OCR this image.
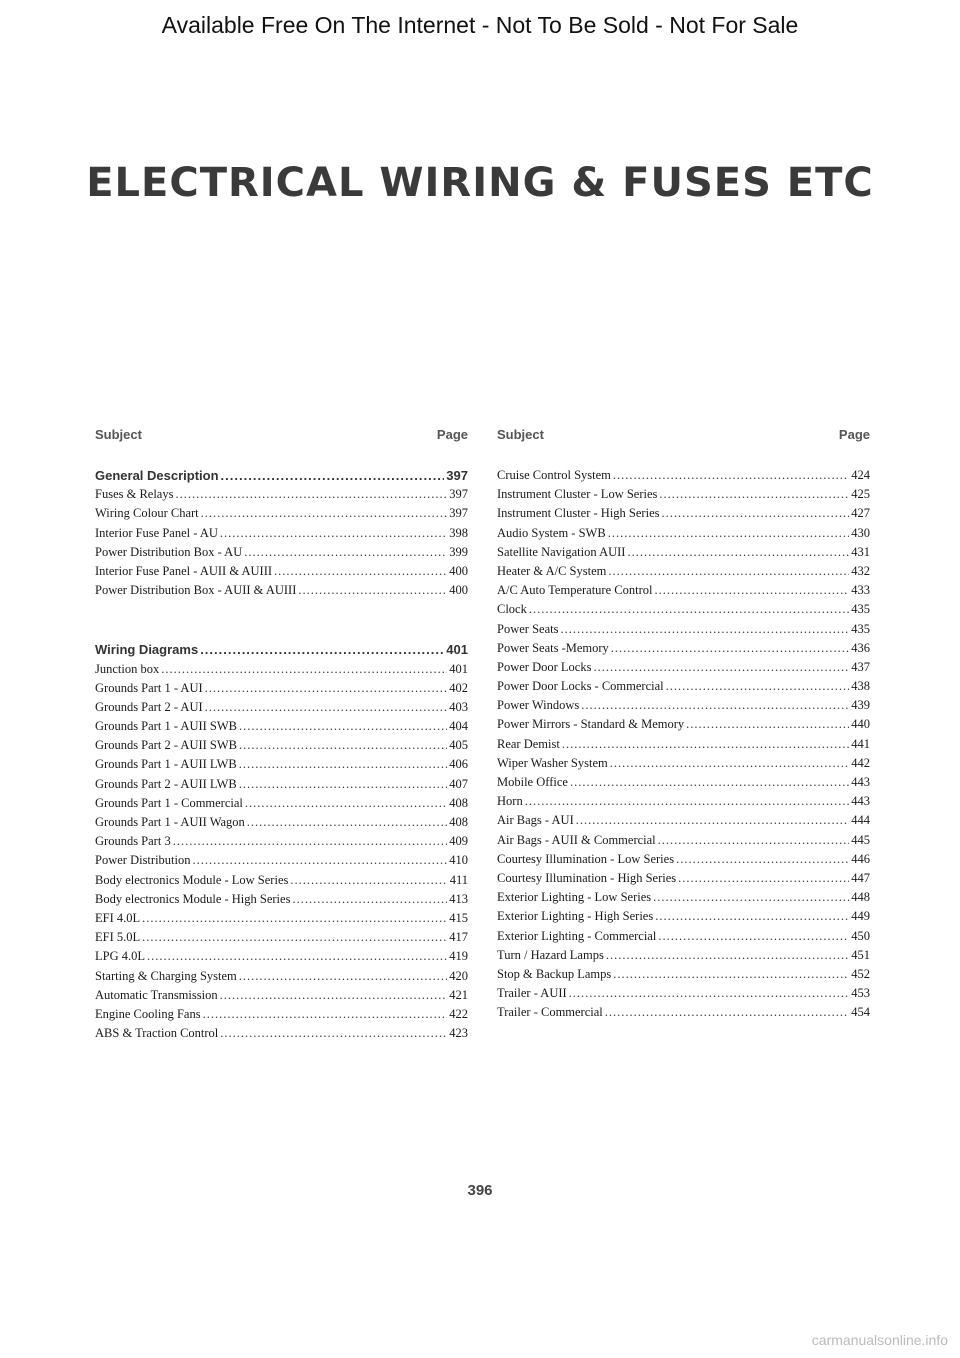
Available Free On The Internet - Not To Be Sold - Not For Sale
ELECTRICAL WIRING & FUSES ETC
Subject	Page
General Description .....	397
Fuses & Relays .....	397
Wiring Colour Chart .....	397
Interior Fuse Panel - AU .....	398
Power Distribution Box - AU .....	399
Interior Fuse Panel - AUII & AUIII .....	400
Power Distribution Box - AUII & AUIII .....	400
Wiring Diagrams .....	401
Junction box .....	401
Grounds Part 1 - AUI .....	402
Grounds Part 2 - AUI .....	403
Grounds Part 1 - AUII SWB .....	404
Grounds Part 2 - AUII SWB .....	405
Grounds Part 1 - AUII LWB .....	406
Grounds Part 2 - AUII LWB .....	407
Grounds Part 1 - Commercial .....	408
Grounds Part 1 - AUII Wagon .....	408
Grounds Part 3 .....	409
Power Distribution .....	410
Body electronics Module - Low Series .....	411
Body electronics Module - High Series .....	413
EFI 4.0L .....	415
EFI 5.0L .....	417
LPG 4.0L .....	419
Starting & Charging System .....	420
Automatic Transmission .....	421
Engine Cooling Fans .....	422
ABS & Traction Control .....	423
Subject	Page
Cruise Control System .....	424
Instrument Cluster - Low Series .....	425
Instrument Cluster - High Series .....	427
Audio System - SWB .....	430
Satellite Navigation AUII .....	431
Heater & A/C System .....	432
A/C Auto Temperature Control .....	433
Clock .....	435
Power Seats .....	435
Power Seats -Memory .....	436
Power Door Locks .....	437
Power Door Locks - Commercial .....	438
Power Windows .....	439
Power Mirrors - Standard & Memory .....	440
Rear Demist .....	441
Wiper Washer System .....	442
Mobile Office .....	443
Horn .....	443
Air Bags - AUI .....	444
Air Bags - AUII & Commercial .....	445
Courtesy Illumination - Low Series .....	446
Courtesy Illumination - High Series .....	447
Exterior Lighting - Low Series .....	448
Exterior Lighting - High Series .....	449
Exterior Lighting - Commercial .....	450
Turn / Hazard Lamps .....	451
Stop & Backup Lamps .....	452
Trailer - AUII .....	453
Trailer - Commercial .....	454
396
carmanualsonline.info
